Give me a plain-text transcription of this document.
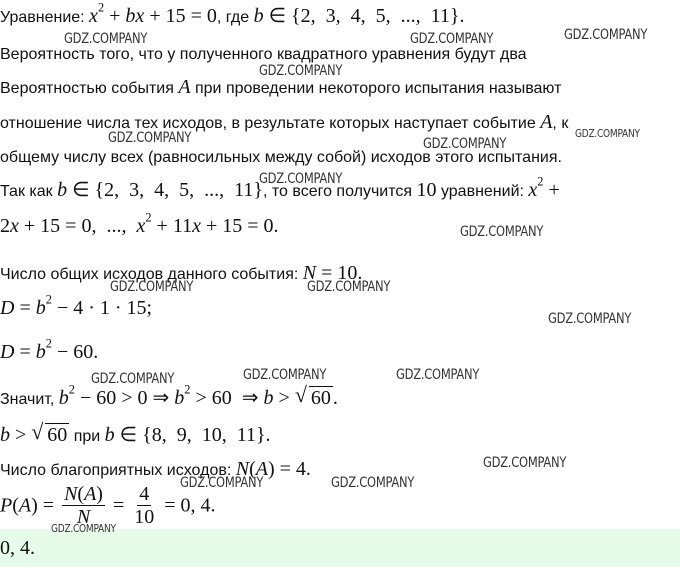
Уравнение: $x^2$ + bx + 15 = 0, где b ∈ {2,  3,  4,  5,  ...,  11}.
Вероятность того, что у полученного квадратного уравнения будут два
Вероятностью события A при проведении некоторого испытания называют
отношение числа тех исходов, в результате которых наступает событие A, к
общему числу всех (равносильных между собой) исходов этого испытания.
Так как b ∈ {2,  3,  4,  5,  ...,  11}, то всего получится 10 уравнений: $x^2$ +
2x + 15 = 0,  ...,  $x^2 + 11x + 15 = 0$.
Число общих исходов данного события: N = 10.
$D = b^2 - 4 \cdot 1 \cdot 15$;
$D = b^2 - 60$.
Значит, $b^2 - 60 > 0$ ⇒ $b^2 > 60$  ⇒ b > √ 60 .
b > √ 60 при b ∈ {8,  9,  10,  11}.
Число благоприятных исходов: N(A) = 4.
$P(A) = \frac{N(A)}{N} = \frac{4}{10} = 0$, 4.
0, 4.
GDZ.COMPANY	GDZ.COMPANY	GDZ.COMPANY
GDZ.COMPANY
GDZ.COMPANY	GDZ.COMPANY
GDZ.COMPANY
GDZ.COMPANY
GDZ.COMPANY
GDZ.COMPANY	GDZ.COMPANY
GDZ.COMPANY
GDZ.COMPANY	GDZ.COMPANY	GDZ.COMPANY
GDZ.COMPANY
GDZ.COMPANY	GDZ.COMPANY
GDZ.COMPANY
